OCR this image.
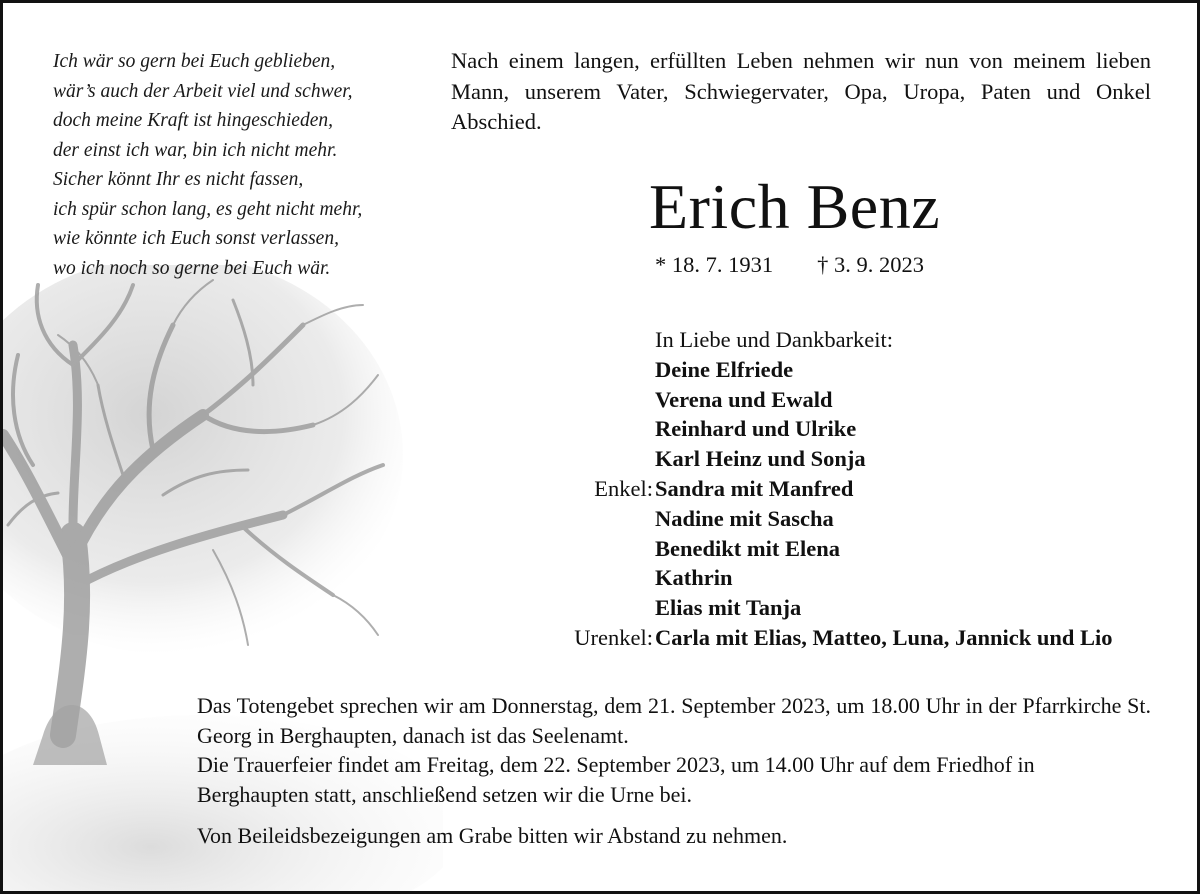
Ich wär so gern bei Euch geblieben,
wär’s auch der Arbeit viel und schwer,
doch meine Kraft ist hingeschieden,
der einst ich war, bin ich nicht mehr.
Sicher könnt Ihr es nicht fassen,
ich spür schon lang, es geht nicht mehr,
wie könnte ich Euch sonst verlassen,
wo ich noch so gerne bei Euch wär.
Nach einem langen, erfüllten Leben nehmen wir nun von meinem lieben Mann, unserem Vater, Schwiegervater, Opa, Uropa, Paten und Onkel Abschied.
Erich Benz
* 18. 7. 1931 † 3. 9. 2023
In Liebe und Dankbarkeit:
Deine Elfriede
Verena und Ewald
Reinhard und Ulrike
Karl Heinz und Sonja
Enkel: Sandra mit Manfred
Nadine mit Sascha
Benedikt mit Elena
Kathrin
Elias mit Tanja
Urenkel: Carla mit Elias, Matteo, Luna, Jannick und Lio

Das Totengebet sprechen wir am Donnerstag, dem 21. September 2023, um 18.00 Uhr in der Pfarrkirche St. Georg in Berghaupten, danach ist das Seelenamt.

Die Trauerfeier findet am Freitag, dem 22. September 2023, um 14.00 Uhr auf dem Friedhof in

Berghaupten statt, anschließend setzen wir die Urne bei.

Von Beileidsbezeigungen am Grabe bitten wir Abstand zu nehmen.
